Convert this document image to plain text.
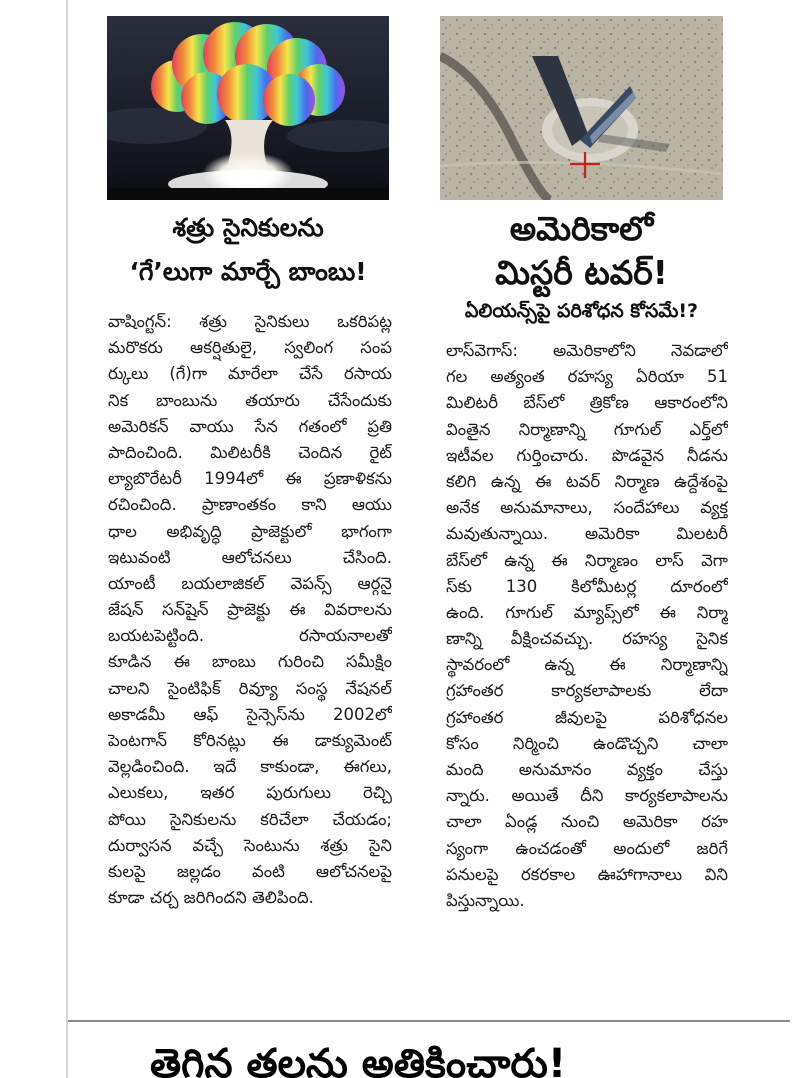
శత్రు సైనికులను
‘గే’లుగా మార్చే బాంబు!
అమెరికాలో
మిస్టరీ టవర్!
ఏలియన్స్‌పై పరిశోధన కోసమే!?
వాషింగ్టన్: శత్రు సైనికులు ఒకరిపట్ల
మరొకరు ఆకర్షితులై, స్వలింగ సంప
ర్కులు (గే)గా మారేలా చేసే రసాయ
నిక బాంబును తయారు చేసేందుకు
అమెరికన్ వాయు సేన గతంలో ప్రతి
పాదించింది. మిలిటరీకి చెందిన రైట్
ల్యాబొరేటరీ 1994లో ఈ ప్రణాళికను
రచించింది. ప్రాణాంతకం కాని ఆయు
ధాల అభివృద్ధి ప్రాజెక్టులో భాగంగా
ఇటువంటి ఆలోచనలు చేసింది.
యాంటీ బయలాజికల్ వెపన్స్ ఆర్గనై
జేషన్ సన్‌షైన్ ప్రాజెక్టు ఈ వివరాలను
బయటపెట్టింది. రసాయనాలతో
కూడిన ఈ బాంబు గురించి సమీక్షిం
చాలని సైంటిఫిక్ రివ్యూ సంస్థ నేషనల్
అకాడమీ ఆఫ్ సైన్సెస్‌ను 2002లో
పెంటగాన్ కోరినట్లు ఈ డాక్యుమెంట్
వెల్లడించింది. ఇదే కాకుండా, ఈగలు,
ఎలుకలు, ఇతర పురుగులు రెచ్చి
పోయి సైనికులను కరిచేలా చేయడం;
దుర్వాసన వచ్చే సెంటును శత్రు సైని
కులపై జల్లడం వంటి ఆలోచనలపై
కూడా చర్చ జరిగిందని తెలిపింది.
లాస్‌వెగాస్: అమెరికాలోని నెవడాలో
గల అత్యంత రహస్య ఏరియా 51
మిలిటరీ బేస్‌లో త్రికోణ ఆకారంలోని
వింతైన నిర్మాణాన్ని గూగుల్ ఎర్త్‌లో
ఇటీవల గుర్తించారు. పొడవైన నీడను
కలిగి ఉన్న ఈ టవర్ నిర్మాణ ఉద్దేశంపై
అనేక అనుమానాలు, సందేహాలు వ్యక్త
మవుతున్నాయి. అమెరికా మిలటరీ
బేస్‌లో ఉన్న ఈ నిర్మాణం లాస్ వెగా
స్‌కు 130 కిలోమీటర్ల దూరంలో
ఉంది. గూగుల్ మ్యాప్స్‌లో ఈ నిర్మా
ణాన్ని వీక్షించవచ్చు. రహస్య సైనిక
స్థావరంలో ఉన్న ఈ నిర్మాణాన్ని
గ్రహాంతర కార్యకలాపాలకు లేదా
గ్రహాంతర జీవులపై పరిశోధనల
కోసం నిర్మించి ఉండొచ్చని చాలా
మంది అనుమానం వ్యక్తం చేస్తు
న్నారు. అయితే దీని కార్యకలాపాలను
చాలా ఏండ్ల నుంచి అమెరికా రహ
స్యంగా ఉంచడంతో అందులో జరిగే
పనులపై రకరకాల ఊహాగానాలు విని
పిస్తున్నాయి.
తెగిన తలను అతికించారు!
